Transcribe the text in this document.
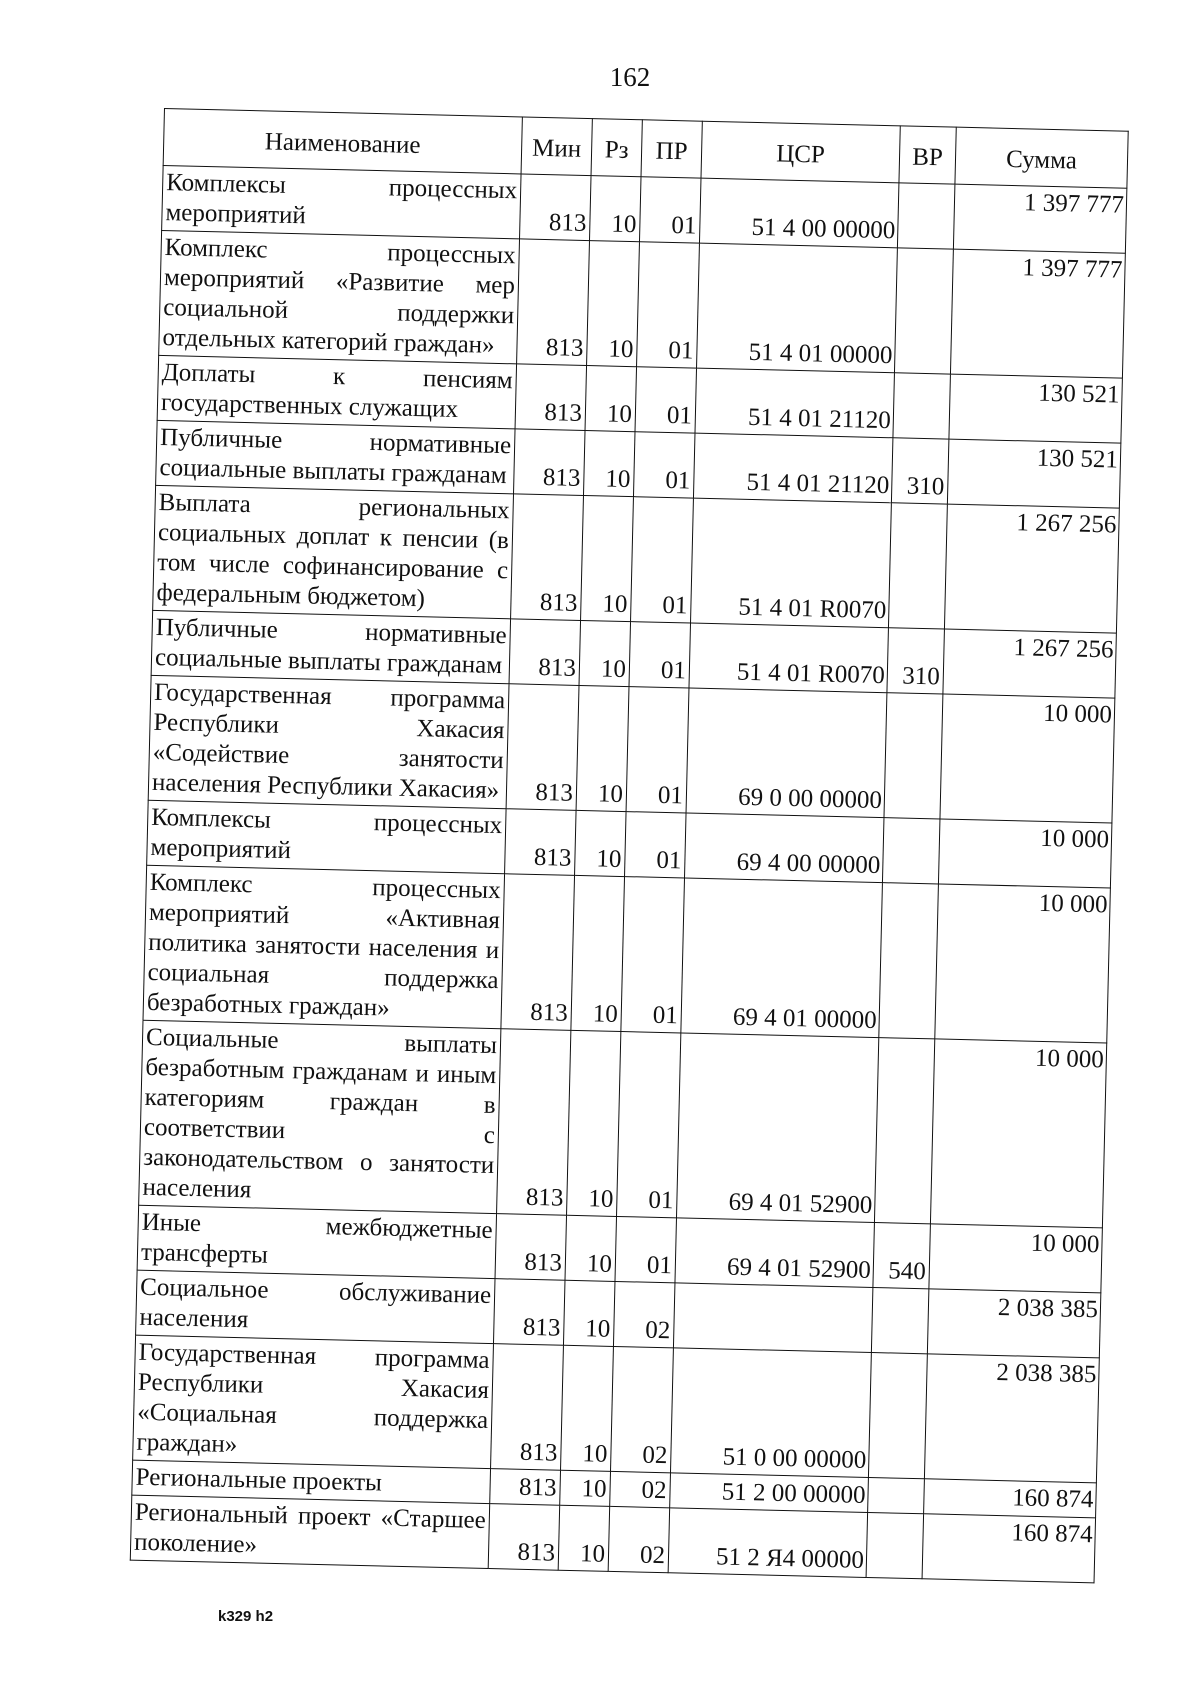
162
Наименование	Мин	Рз	ПР	ЦСР	ВР	Сумма
Комплексы процессных мероприятий	813	10	01	51 4 00 00000		1 397 777
Комплекс процессных мероприятий «Развитие мер социальной поддержки отдельных категорий граждан»	813	10	01	51 4 01 00000		1 397 777
Доплаты к пенсиям государственных служащих	813	10	01	51 4 01 21120		130 521
Публичные нормативные социальные выплаты гражданам	813	10	01	51 4 01 21120	310	130 521
Выплата региональных социальных доплат к пенсии (в том числе софинансирование с федеральным бюджетом)	813	10	01	51 4 01 R0070		1 267 256
Публичные нормативные социальные выплаты гражданам	813	10	01	51 4 01 R0070	310	1 267 256
Государственная программа Республики Хакасия «Содействие занятости населения Республики Хакасия»	813	10	01	69 0 00 00000		10 000
Комплексы процессных мероприятий	813	10	01	69 4 00 00000		10 000
Комплекс процессных мероприятий «Активная политика занятости населения и социальная поддержка безработных граждан»	813	10	01	69 4 01 00000		10 000
Социальные выплаты безработным гражданам и иным категориям граждан в соответствии с законодательством о занятости населения	813	10	01	69 4 01 52900		10 000
Иные межбюджетные трансферты	813	10	01	69 4 01 52900	540	10 000
Социальное обслуживание населения	813	10	02			2 038 385
Государственная программа Республики Хакасия «Социальная поддержка граждан»	813	10	02	51 0 00 00000		2 038 385
Региональные проекты	813	10	02	51 2 00 00000		160 874
Региональный проект «Старшее поколение»	813	10	02	51 2 Я4 00000		160 874
k329 h2
